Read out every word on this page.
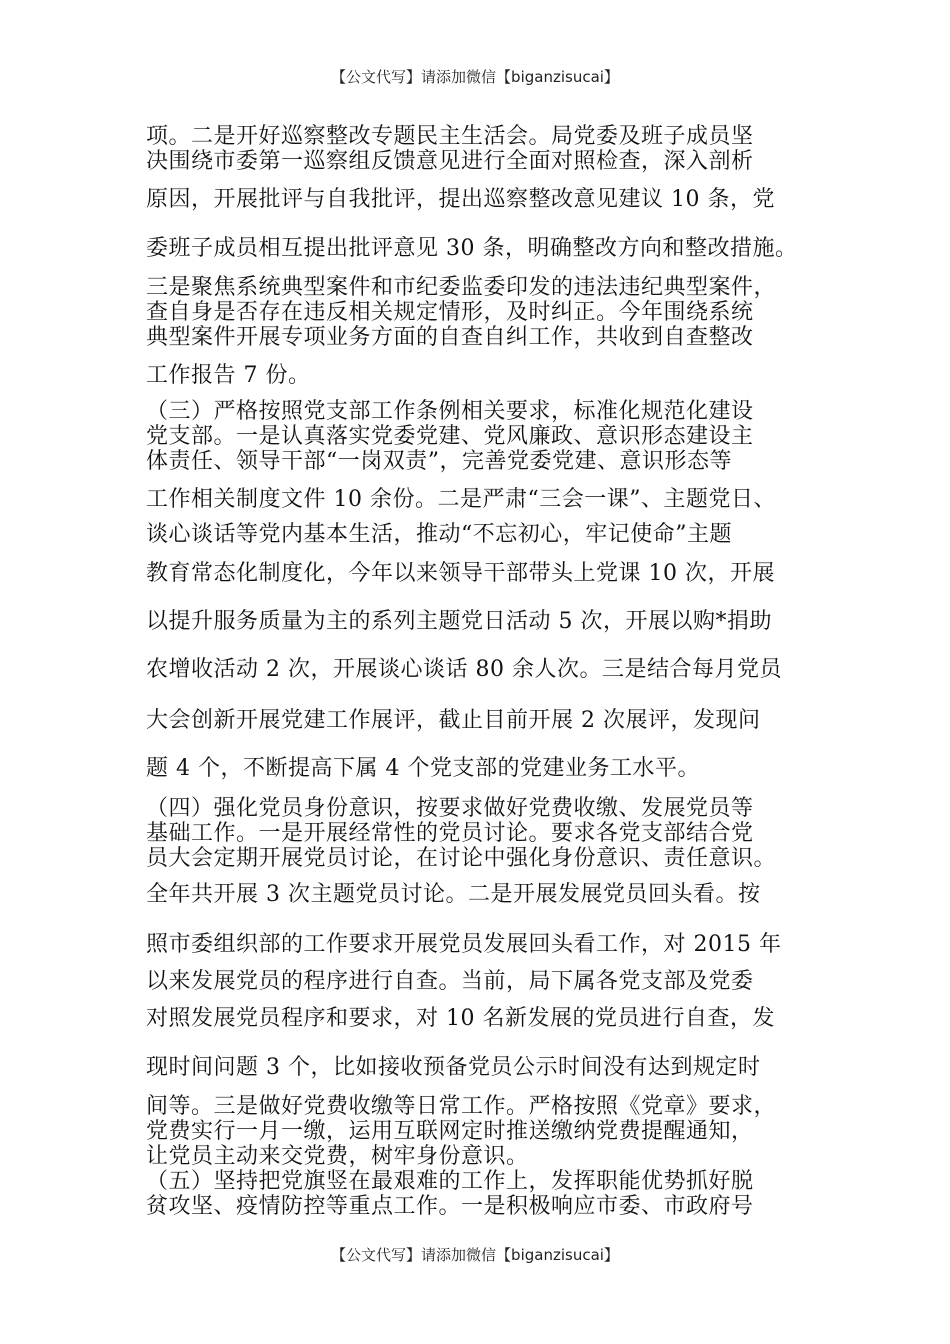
【公文代写】请添加微信【biganzisucai】
项。二是开好巡察整改专题民主生活会。局党委及班子成员坚
决围绕市委第一巡察组反馈意见进行全面对照检查，深入剖析
原因，开展批评与自我批评，提出巡察整改意见建议 10 条，党
委班子成员相互提出批评意见 30 条，明确整改方向和整改措施。
三是聚焦系统典型案件和市纪委监委印发的违法违纪典型案件，
查自身是否存在违反相关规定情形，及时纠正。今年围绕系统
典型案件开展专项业务方面的自查自纠工作，共收到自查整改
工作报告 7 份。
（三）严格按照党支部工作条例相关要求，标准化规范化建设
党支部。一是认真落实党委党建、党风廉政、意识形态建设主
体责任、领导干部“一岗双责”，完善党委党建、意识形态等
工作相关制度文件 10 余份。二是严肃“三会一课”、主题党日、
谈心谈话等党内基本生活，推动“不忘初心，牢记使命”主题
教育常态化制度化，今年以来领导干部带头上党课 10 次，开展
以提升服务质量为主的系列主题党日活动 5 次，开展以购*捐助
农增收活动 2 次，开展谈心谈话 80 余人次。三是结合每月党员
大会创新开展党建工作展评，截止目前开展 2 次展评，发现问
题 4 个，不断提高下属 4 个党支部的党建业务工水平。
（四）强化党员身份意识，按要求做好党费收缴、发展党员等
基础工作。一是开展经常性的党员讨论。要求各党支部结合党
员大会定期开展党员讨论，在讨论中强化身份意识、责任意识。
全年共开展 3 次主题党员讨论。二是开展发展党员回头看。按
照市委组织部的工作要求开展党员发展回头看工作，对 2015 年
以来发展党员的程序进行自查。当前，局下属各党支部及党委
对照发展党员程序和要求，对 10 名新发展的党员进行自查，发
现时间问题 3 个，比如接收预备党员公示时间没有达到规定时
间等。三是做好党费收缴等日常工作。严格按照《党章》要求，
党费实行一月一缴，运用互联网定时推送缴纳党费提醒通知，
让党员主动来交党费，树牢身份意识。
（五）坚持把党旗竖在最艰难的工作上，发挥职能优势抓好脱
贫攻坚、疫情防控等重点工作。一是积极响应市委、市政府号
【公文代写】请添加微信【biganzisucai】
